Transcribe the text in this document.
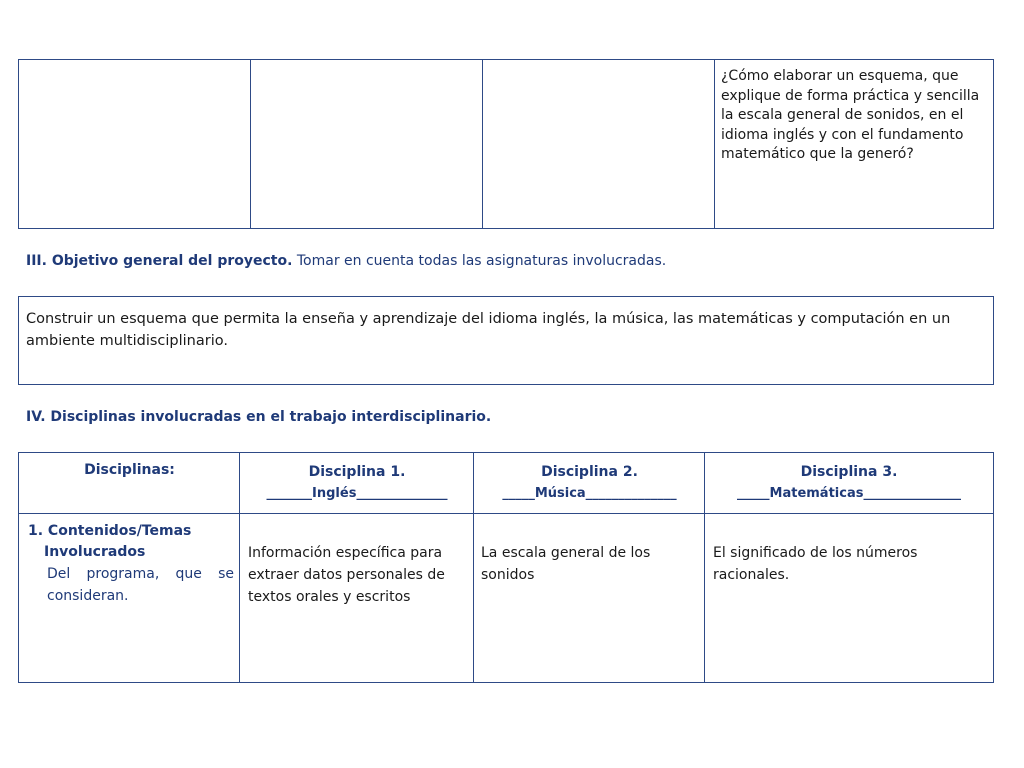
¿Cómo elaborar un esquema, que explique de forma práctica y sencilla la escala general de sonidos, en el idioma inglés y con el fundamento matemático que la generó?
III. Objetivo general del proyecto. Tomar en cuenta todas las asignaturas involucradas.
Construir un esquema que permita la enseña y aprendizaje del idioma inglés, la música, las matemáticas y computación en un ambiente multidisciplinario.
IV. Disciplinas involucradas en el trabajo interdisciplinario.
Disciplinas:	Disciplina 1.
_______Inglés______________
Disciplina 2.
_____Música______________
Disciplina 3.
_____Matemáticas_______________
1. Contenidos/Temas
Involucrados
Del programa, que se consideran.
Información específica para extraer datos personales de textos orales y escritos
La escala general de los sonidos
El significado de los números racionales.
